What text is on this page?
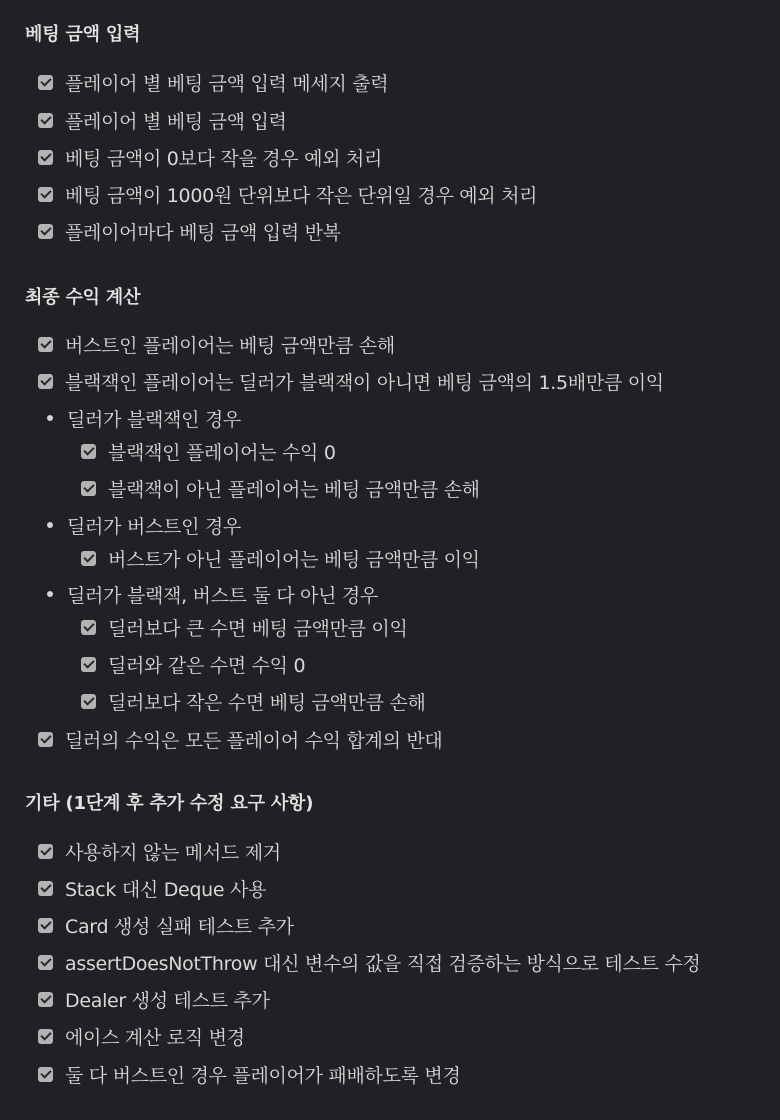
베팅 금액 입력
플레이어 별 베팅 금액 입력 메세지 출력
플레이어 별 베팅 금액 입력
베팅 금액이 0보다 작을 경우 예외 처리
베팅 금액이 1000원 단위보다 작은 단위일 경우 예외 처리
플레이어마다 베팅 금액 입력 반복
최종 수익 계산
버스트인 플레이어는 베팅 금액만큼 손해
블랙잭인 플레이어는 딜러가 블랙잭이 아니면 베팅 금액의 1.5배만큼 이익
딜러가 블랙잭인 경우
블랙잭인 플레이어는 수익 0
블랙잭이 아닌 플레이어는 베팅 금액만큼 손해
딜러가 버스트인 경우
버스트가 아닌 플레이어는 베팅 금액만큼 이익
딜러가 블랙잭, 버스트 둘 다 아닌 경우
딜러보다 큰 수면 베팅 금액만큼 이익
딜러와 같은 수면 수익 0
딜러보다 작은 수면 베팅 금액만큼 손해
딜러의 수익은 모든 플레이어 수익 합계의 반대
기타 (1단계 후 추가 수정 요구 사항)
사용하지 않는 메서드 제거
Stack 대신 Deque 사용
Card 생성 실패 테스트 추가
assertDoesNotThrow 대신 변수의 값을 직접 검증하는 방식으로 테스트 수정
Dealer 생성 테스트 추가
에이스 계산 로직 변경
둘 다 버스트인 경우 플레이어가 패배하도록 변경
